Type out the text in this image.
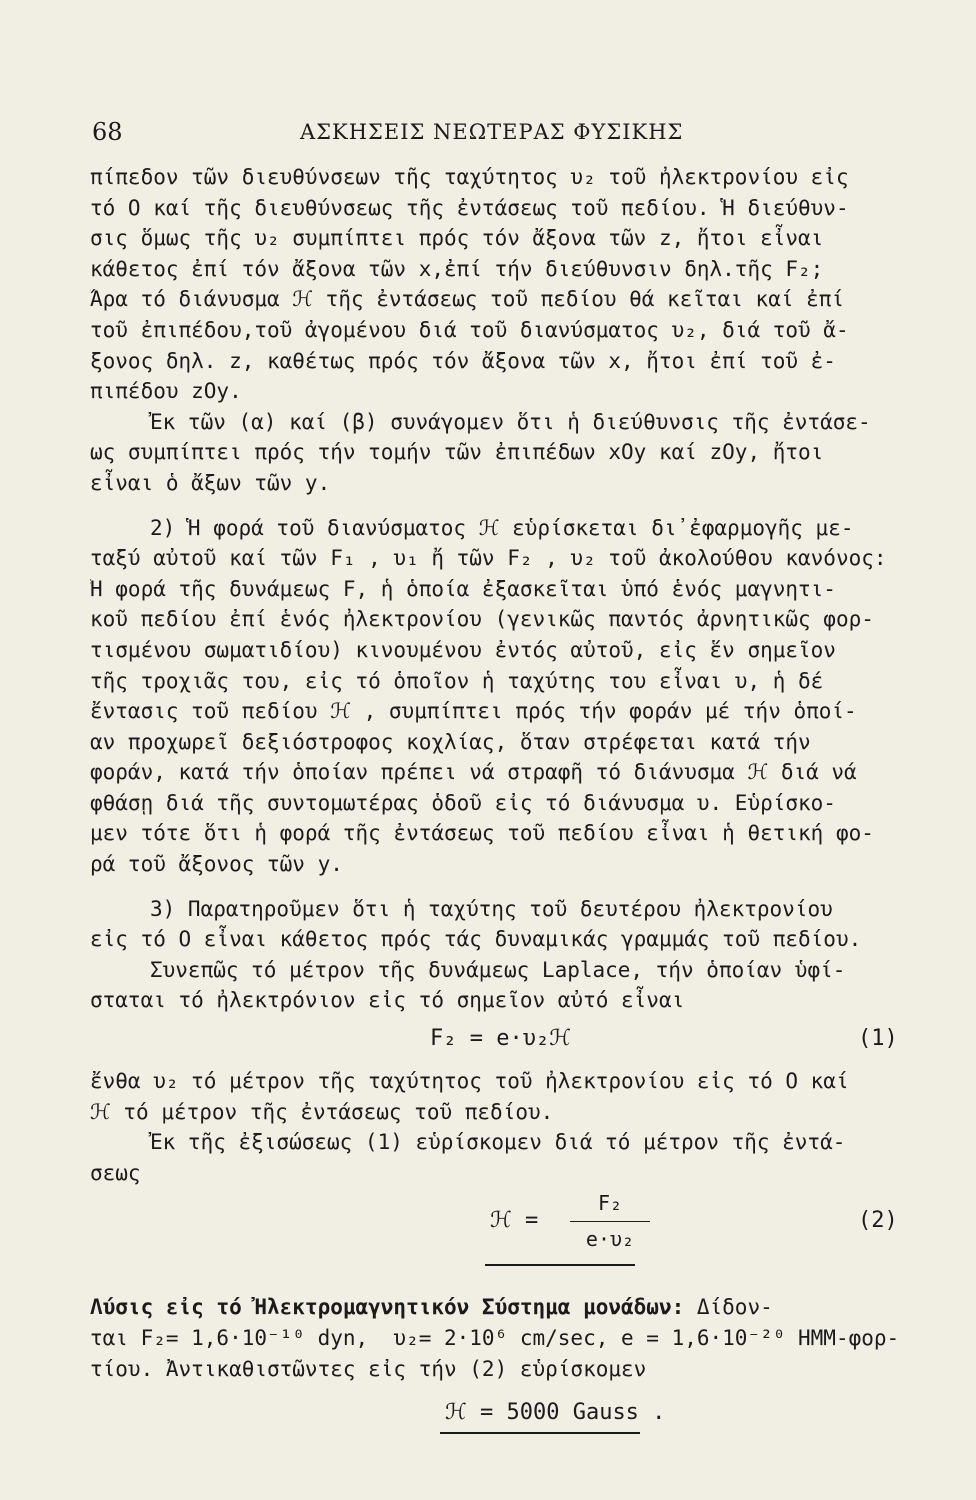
68	ΑΣΚΗΣΕΙΣ ΝΕΩΤΕΡΑΣ ΦΥΣΙΚΗΣ
πίπεδον τῶν διευθύνσεων τῆς ταχύτητος υ₂ τοῦ ἠλεκτρονίου εἰς
τό Ο καί τῆς διευθύνσεως τῆς ἐντάσεως τοῦ πεδίου. Ἡ διεύθυν-
σις ὅμως τῆς υ₂ συμπίπτει πρός τόν ἄξονα τῶν z, ἤτοι εἶναι
κάθετος ἐπί τόν ἄξονα τῶν x,ἐπί τήν διεύθυνσιν δηλ.τῆς F₂;
Ἄρα τό διάνυσμα ℋ τῆς ἐντάσεως τοῦ πεδίου θά κεῖται καί ἐπί
τοῦ ἐπιπέδου,τοῦ ἀγομένου διά τοῦ διανύσματος υ₂, διά τοῦ ἄ-
ξονος δηλ. z, καθέτως πρός τόν ἄξονα τῶν x, ἤτοι ἐπί τοῦ ἐ-
πιπέδου zOy.
Ἐκ τῶν (α) καί (β) συνάγομεν ὅτι ἡ διεύθυνσις τῆς ἐντάσε-
ως συμπίπτει πρός τήν τομήν τῶν ἐπιπέδων xOy καί zOy, ἤτοι
εἶναι ὁ ἄξων τῶν y.
2) Ἡ φορά τοῦ διανύσματος ℋ εὑρίσκεται δι᾽ἐφαρμογῆς με-
ταξύ αὐτοῦ καί τῶν F₁ , υ₁ ἤ τῶν F₂ , υ₂ τοῦ ἀκολούθου κανόνος:
Ἡ φορά τῆς δυνάμεως F, ἡ ὁποία ἐξασκεῖται ὑπό ἑνός μαγνητι-
κοῦ πεδίου ἐπί ἑνός ἠλεκτρονίου (γενικῶς παντός ἀρνητικῶς φορ-
τισμένου σωματιδίου) κινουμένου ἐντός αὐτοῦ, εἰς ἕν σημεῖον
τῆς τροχιᾶς του, εἰς τό ὁποῖον ἡ ταχύτης του εἶναι υ, ἡ δέ
ἔντασις τοῦ πεδίου ℋ , συμπίπτει πρός τήν φοράν μέ τήν ὁποί-
αν προχωρεῖ δεξιόστροφος κοχλίας, ὅταν στρέφεται κατά τήν
φοράν, κατά τήν ὁποίαν πρέπει νά στραφῆ τό διάνυσμα ℋ διά νά
φθάσῃ διά τῆς συντομωτέρας ὁδοῦ εἰς τό διάνυσμα υ. Εὑρίσκο-
μεν τότε ὅτι ἡ φορά τῆς ἐντάσεως τοῦ πεδίου εἶναι ἡ θετική φο-
ρά τοῦ ἄξονος τῶν y.
3) Παρατηροῦμεν ὅτι ἡ ταχύτης τοῦ δευτέρου ἠλεκτρονίου
εἰς τό Ο εἶναι κάθετος πρός τάς δυναμικάς γραμμάς τοῦ πεδίου.
Συνεπῶς τό μέτρον τῆς δυνάμεως Laplace, τήν ὁποίαν ὑφί-
σταται τό ἠλεκτρόνιον εἰς τό σημεῖον αὐτό εἶναι
F₂ = e·υ₂ℋ	(1)
ἔνθα υ₂ τό μέτρον τῆς ταχύτητος τοῦ ἠλεκτρονίου εἰς τό Ο καί
ℋ τό μέτρον τῆς ἐντάσεως τοῦ πεδίου.
Ἐκ τῆς ἐξισώσεως (1) εὑρίσκομεν διά τό μέτρον τῆς ἐντά-
σεως
ℋ = $\frac{\text{F₂}}{\text{e·υ₂}}$	(2)
Λύσις εἰς τό Ἠλεκτρομαγνητικόν Σύστημα μονάδων: Δίδον-
ται F₂= 1,6·10⁻¹⁰ dyn,  υ₂= 2·10⁶ cm/sec, e = 1,6·10⁻²⁰ ΗΜΜ-φορ-
τίου. Ἀντικαθιστῶντες εἰς τήν (2) εὑρίσκομεν
ℋ = 5000 Gauss .
